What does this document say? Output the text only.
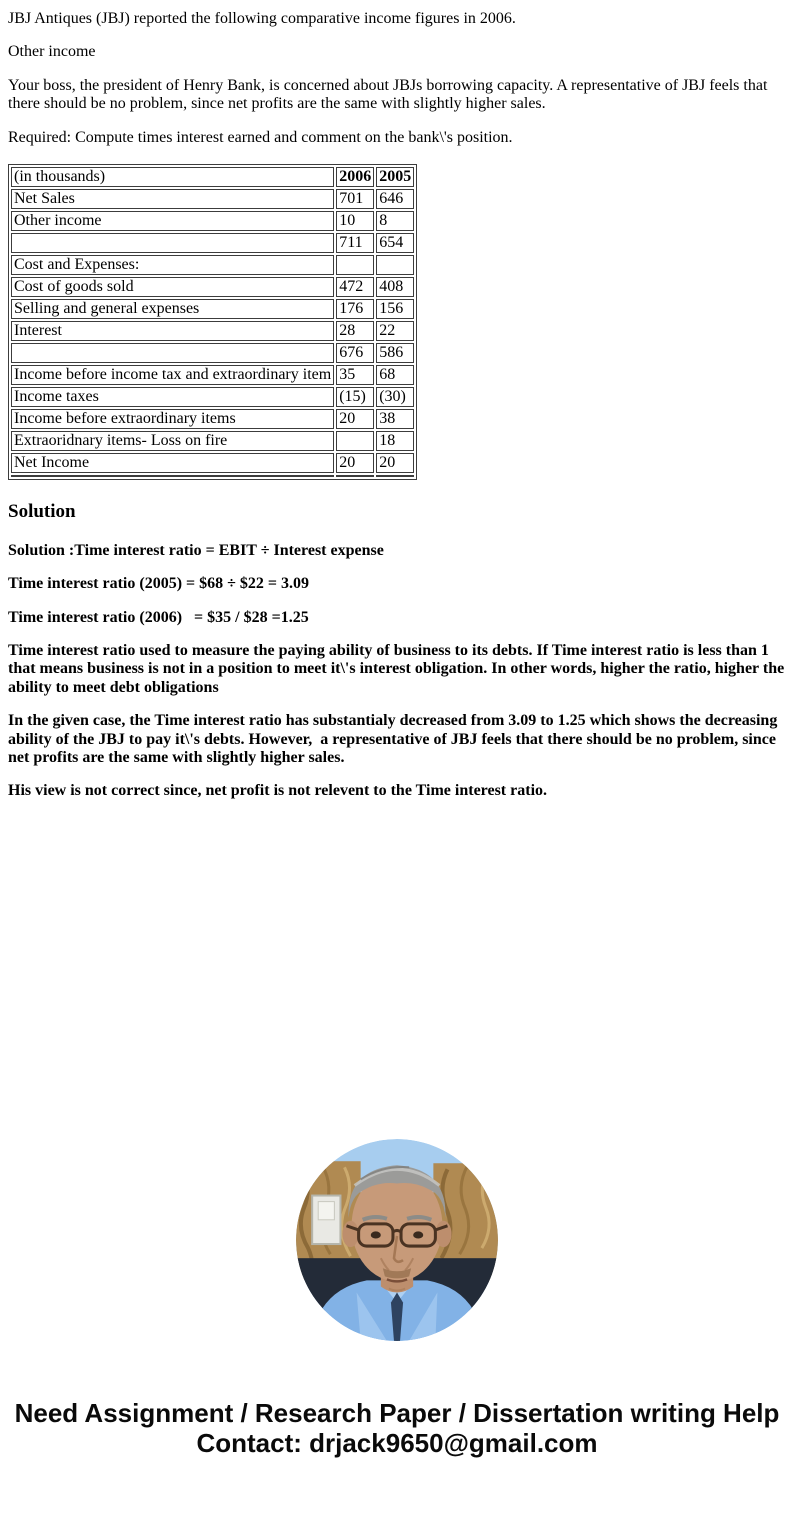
JBJ Antiques (JBJ) reported the following comparative income figures in 2006.

Other income

Your boss, the president of Henry Bank, is concerned about JBJs borrowing capacity. A representative of JBJ feels that there should be no problem, since net profits are the same with slightly higher sales.

Required: Compute times interest earned and comment on the bank\'s position.

(in thousands)	2006	2005
Net Sales	701	646
Other income	10	8
	711	654
Cost and Expenses:		
Cost of goods sold	472	408
Selling and general expenses	176	156
Interest	28	22
	676	586
Income before income tax and extraordinary item	35	68
Income taxes	(15)	(30)
Income before extraordinary items	20	38
Extraoridnary items- Loss on fire		18
Net Income	20	20

Solution

Solution :Time interest ratio = EBIT ÷ Interest expense

Time interest ratio (2005) = $68 ÷ $22 = 3.09

Time interest ratio (2006)   = $35 / $28 =1.25

Time interest ratio used to measure the paying ability of business to its debts. If Time interest ratio is less than 1 that means business is not in a position to meet it\'s interest obligation. In other words, higher the ratio, higher the ability to meet debt obligations

In the given case, the Time interest ratio has substantialy decreased from 3.09 to 1.25 which shows the decreasing ability of the JBJ to pay it\'s debts. However,  a representative of JBJ feels that there should be no problem, since net profits are the same with slightly higher sales.

His view is not correct since, net profit is not relevent to the Time interest ratio.

Need Assignment / Research Paper / Dissertation writing Help
Contact: drjack9650@gmail.com
